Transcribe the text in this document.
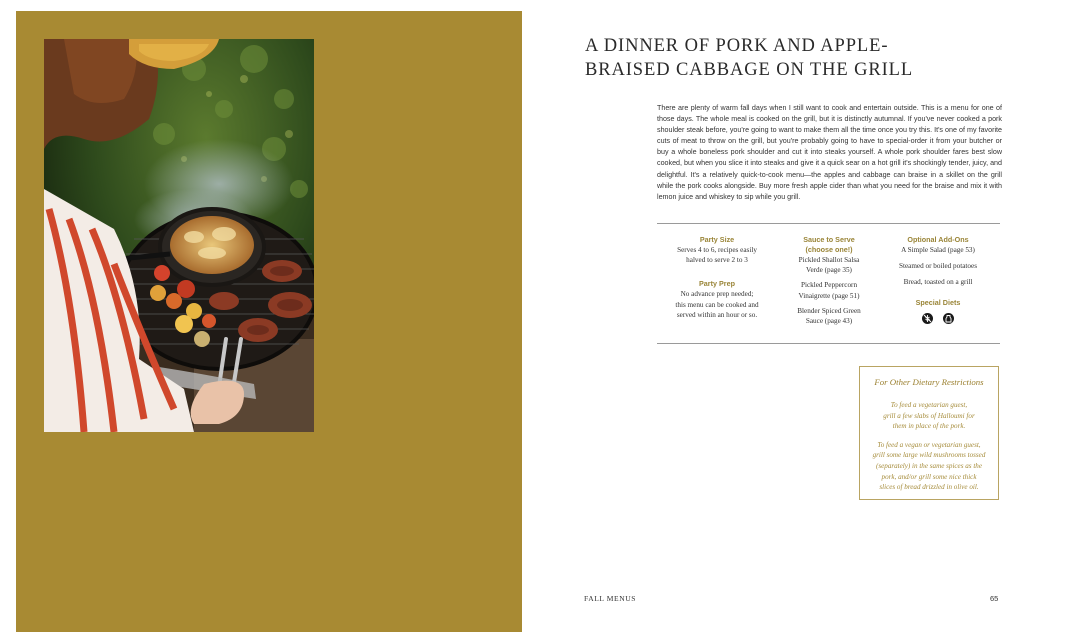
A DINNER OF PORK AND APPLE-
BRAISED CABBAGE ON THE GRILL

There are plenty of warm fall days when I still want to cook and entertain outside. This is a menu for one of those days. The whole meal is cooked on the grill, but it is distinctly autumnal. If you've never cooked a pork shoulder steak before, you're going to want to make them all the time once you try this. It's one of my favorite cuts of meat to throw on the grill, but you're probably going to have to special-order it from your butcher or buy a whole boneless pork shoulder and cut it into steaks yourself. A whole pork shoulder fares best slow cooked, but when you slice it into steaks and give it a quick sear on a hot grill it's shockingly tender, juicy, and delightful. It's a relatively quick-to-cook menu—the apples and cabbage can braise in a skillet on the grill while the pork cooks alongside. Buy more fresh apple cider than what you need for the braise and mix it with lemon juice and whiskey to sip while you grill.

Party Size

Serves 4 to 6, recipes easily

halved to serve 2 to 3

Party Prep

No advance prep needed;

this menu can be cooked and

served within an hour or so.

Sauce to Serve
(choose one!)

Pickled Shallot Salsa

Verde (page 35)

Pickled Peppercorn

Vinaigrette (page 51)

Blender Spiced Green

Sauce (page 43)

Optional Add-Ons

A Simple Salad (page 53)

Steamed or boiled potatoes

Bread, toasted on a grill

Special Diets
For Other Dietary Restrictions

To feed a vegetarian guest,

grill a few slabs of Halloumi for

them in place of the pork.

To feed a vegan or vegetarian guest,

grill some large wild mushrooms tossed

(separately) in the same spices as the

pork, and/or grill some nice thick

slices of bread drizzled in olive oil.

FALL MENUS	65
